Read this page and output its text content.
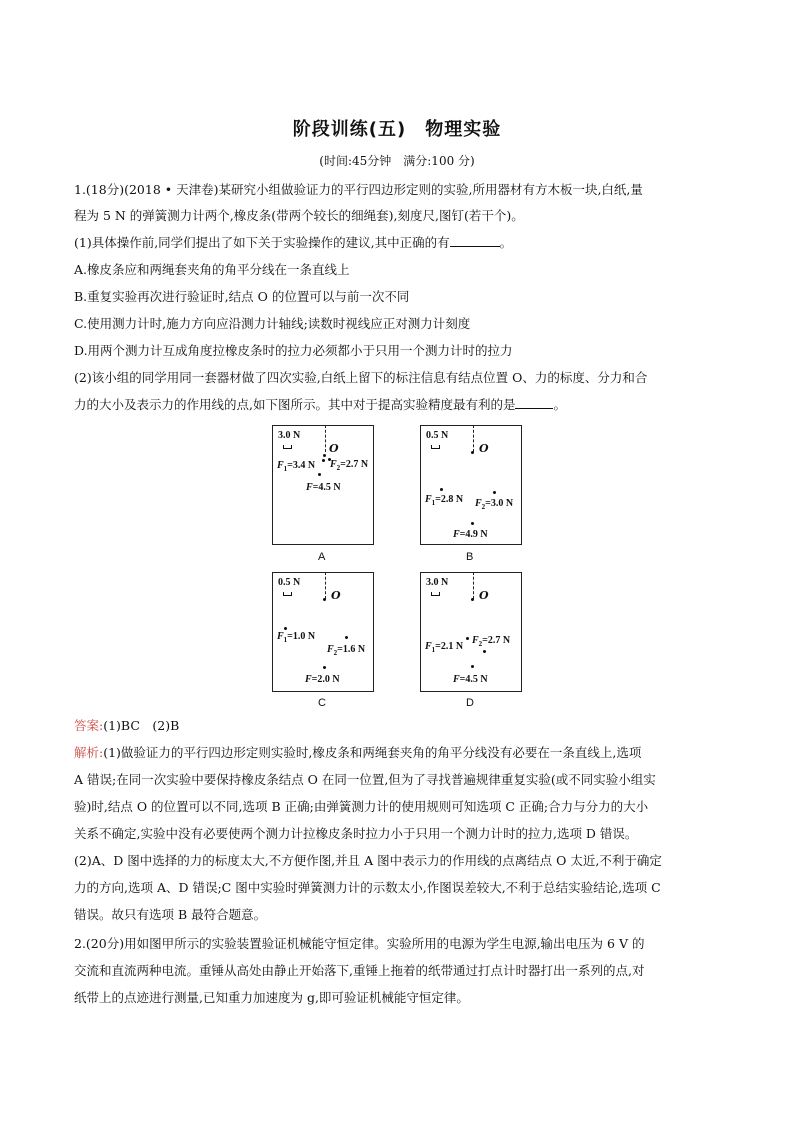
阶段训练(五)　物理实验
(时间:45分钟　满分:100 分)
1.(18分)(2018 • 天津卷)某研究小组做验证力的平行四边形定则的实验,所用器材有方木板一块,白纸,量
程为 5 N 的弹簧测力计两个,橡皮条(带两个较长的细绳套),刻度尺,图钉(若干个)。
(1)具体操作前,同学们提出了如下关于实验操作的建议,其中正确的有	。
A.橡皮条应和两绳套夹角的角平分线在一条直线上
B.重复实验再次进行验证时,结点 O 的位置可以与前一次不同
C.使用测力计时,施力方向应沿测力计轴线;读数时视线应正对测力计刻度
D.用两个测力计互成角度拉橡皮条时的拉力必须都小于只用一个测力计时的拉力
(2)该小组的同学用同一套器材做了四次实验,白纸上留下的标注信息有结点位置 O、力的标度、分力和合
力的大小及表示力的作用线的点,如下图所示。其中对于提高实验精度最有利的是	。
3.0 N
O
$F_1=3.4$ N $F_2=2.7$ N
F=4.5 N
A
0.5 N
O
$F_1=2.8$ N $F_2=3.0$ N
F=4.9 N
B
0.5 N
O
$F_1=1.0$ N
$F_2=1.6$ N
F=2.0 N
C
3.0 N
O
$F_1=2.1$ N
$F_2=2.7$ N
F=4.5 N
D
答案:(1)BC　(2)B
解析:(1)做验证力的平行四边形定则实验时,橡皮条和两绳套夹角的角平分线没有必要在一条直线上,选项
A 错误;在同一次实验中要保持橡皮条结点 O 在同一位置,但为了寻找普遍规律重复实验(或不同实验小组实
验)时,结点 O 的位置可以不同,选项 B 正确;由弹簧测力计的使用规则可知选项 C 正确;合力与分力的大小
关系不确定,实验中没有必要使两个测力计拉橡皮条时拉力小于只用一个测力计时的拉力,选项 D 错误。
(2)A、D 图中选择的力的标度太大,不方便作图,并且 A 图中表示力的作用线的点离结点 O 太近,不利于确定
力的方向,选项 A、D 错误;C 图中实验时弹簧测力计的示数太小,作图误差较大,不利于总结实验结论,选项 C
错误。故只有选项 B 最符合题意。
2.(20分)用如图甲所示的实验装置验证机械能守恒定律。实验所用的电源为学生电源,输出电压为 6 V 的
交流和直流两种电流。重锤从高处由静止开始落下,重锤上拖着的纸带通过打点计时器打出一系列的点,对
纸带上的点迹进行测量,已知重力加速度为 g,即可验证机械能守恒定律。
